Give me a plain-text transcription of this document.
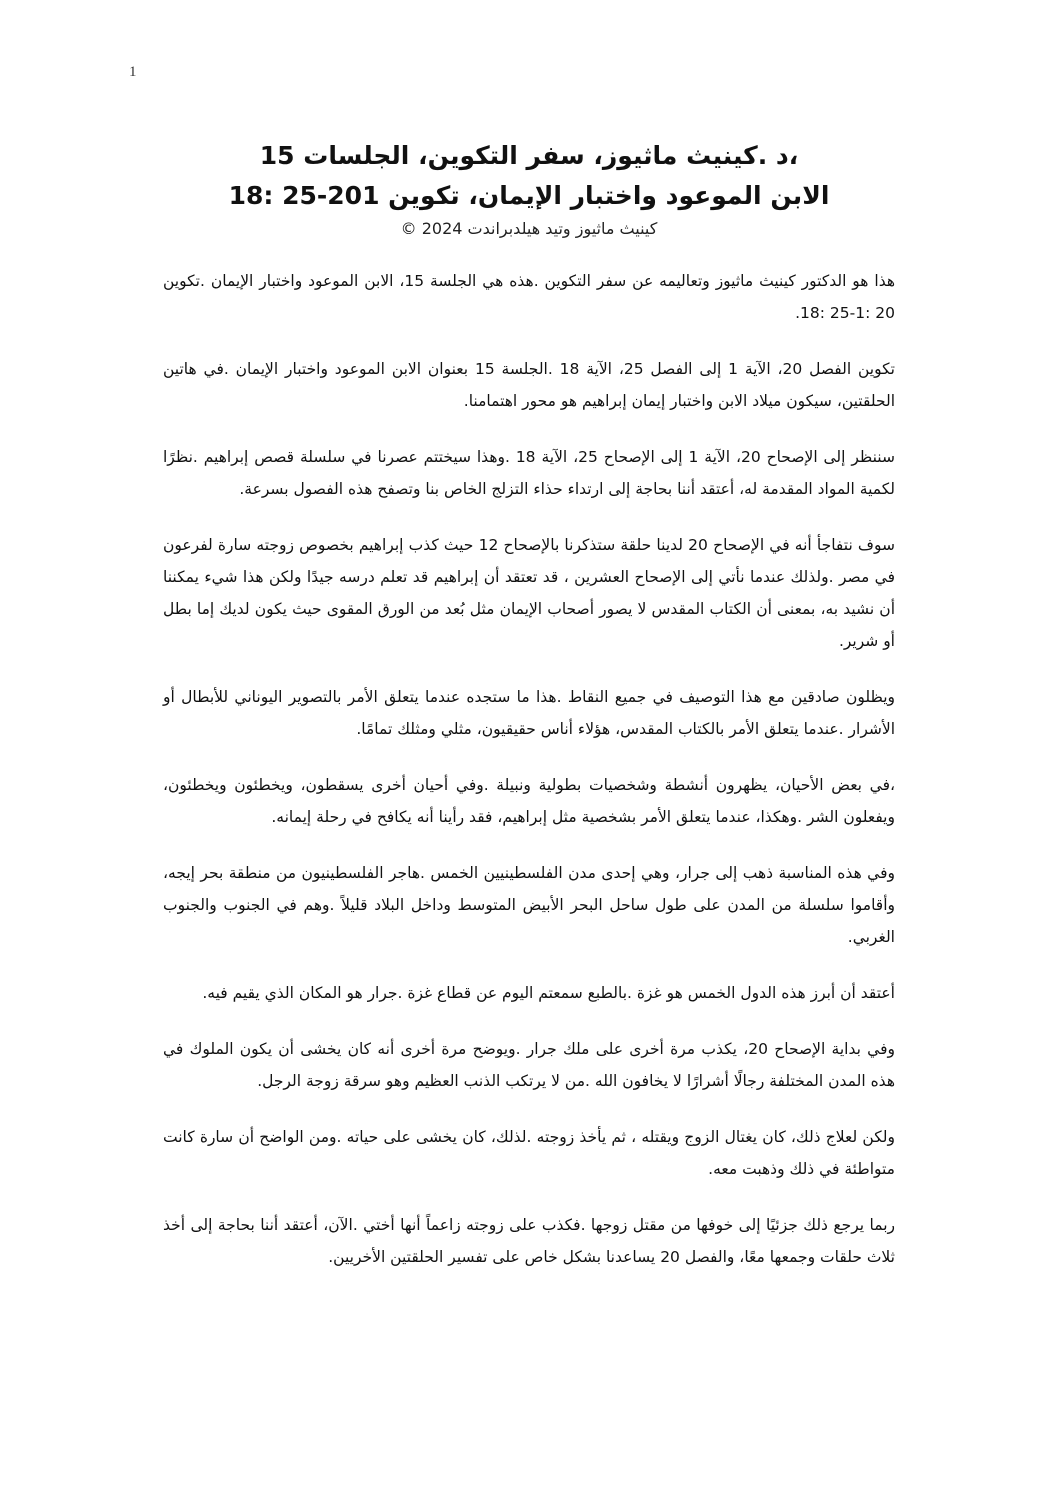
1
،د .كينيث ماثيوز، سفر التكوين، الجلسات 15
الابن الموعود واختبار الإيمان، تكوين 201-25 :18
كينيث ماثيوز وتيد هيلدبراندت 2024 ©

هذا هو الدكتور كينيث ماثيوز وتعاليمه عن سفر التكوين .هذه هي الجلسة 15، الابن الموعود واختبار الإيمان .تكوين 20 :1-25 :18.

تكوين الفصل 20، الآية 1 إلى الفصل 25، الآية 18 .الجلسة 15 بعنوان الابن الموعود واختبار الإيمان .في هاتين الحلقتين، سيكون ميلاد الابن واختبار إيمان إبراهيم هو محور اهتمامنا.

سننظر إلى الإصحاح 20، الآية 1 إلى الإصحاح 25، الآية 18 .وهذا سيختتم عصرنا في سلسلة قصص إبراهيم .نظرًا لكمية المواد المقدمة له، أعتقد أننا بحاجة إلى ارتداء حذاء التزلج الخاص بنا وتصفح هذه الفصول بسرعة.

سوف نتفاجأ أنه في الإصحاح 20 لدينا حلقة ستذكرنا بالإصحاح 12 حيث كذب إبراهيم بخصوص زوجته سارة لفرعون في مصر .ولذلك عندما نأتي إلى الإصحاح العشرين ، قد تعتقد أن إبراهيم قد تعلم درسه جيدًا ولكن هذا شيء يمكننا أن نشيد به، بمعنى أن الكتاب المقدس لا يصور أصحاب الإيمان مثل بُعد من الورق المقوى حيث يكون لديك إما بطل أو شرير.

ويظلون صادقين مع هذا التوصيف في جميع النقاط .هذا ما ستجده عندما يتعلق الأمر بالتصوير اليوناني للأبطال أو الأشرار .عندما يتعلق الأمر بالكتاب المقدس، هؤلاء أناس حقيقيون، مثلي ومثلك تمامًا.

،في بعض الأحيان، يظهرون أنشطة وشخصيات بطولية ونبيلة .وفي أحيان أخرى يسقطون، ويخطئون ويخطئون، ويفعلون الشر .وهكذا، عندما يتعلق الأمر بشخصية مثل إبراهيم، فقد رأينا أنه يكافح في رحلة إيمانه.

وفي هذه المناسبة ذهب إلى جرار، وهي إحدى مدن الفلسطينيين الخمس .هاجر الفلسطينيون من منطقة بحر إيجه، وأقاموا سلسلة من المدن على طول ساحل البحر الأبيض المتوسط وداخل البلاد قليلاً .وهم في الجنوب والجنوب الغربي.

أعتقد أن أبرز هذه الدول الخمس هو غزة .بالطبع سمعتم اليوم عن قطاع غزة .جرار هو المكان الذي يقيم فيه.

وفي بداية الإصحاح 20، يكذب مرة أخرى على ملك جرار .ويوضح مرة أخرى أنه كان يخشى أن يكون الملوك في هذه المدن المختلفة رجالًا أشرارًا لا يخافون الله .من لا يرتكب الذنب العظيم وهو سرقة زوجة الرجل.

ولكن لعلاج ذلك، كان يغتال الزوج ويقتله ، ثم يأخذ زوجته .لذلك، كان يخشى على حياته .ومن الواضح أن سارة كانت متواطئة في ذلك وذهبت معه.

ربما يرجع ذلك جزئيًا إلى خوفها من مقتل زوجها .فكذب على زوجته زاعماً أنها أختي .الآن، أعتقد أننا بحاجة إلى أخذ ثلاث حلقات وجمعها معًا، والفصل 20 يساعدنا بشكل خاص على تفسير الحلقتين الأخريين.
